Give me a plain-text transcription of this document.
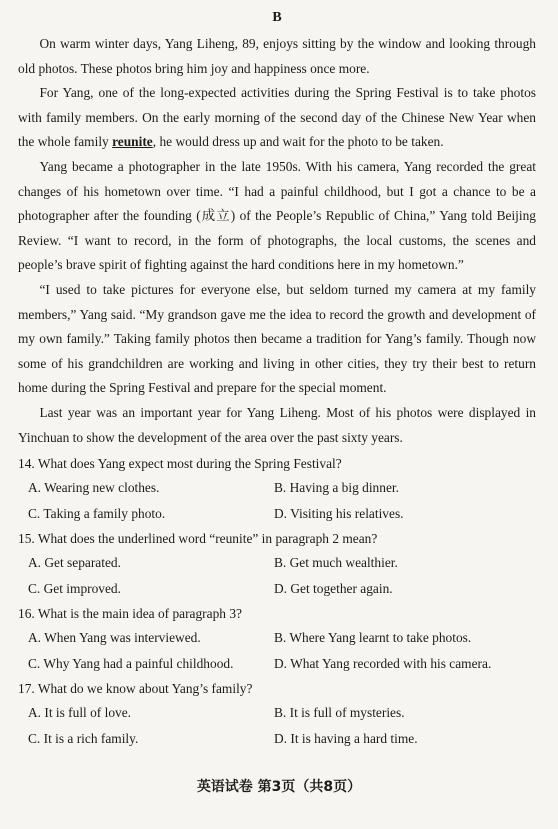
B

On warm winter days, Yang Liheng, 89, enjoys sitting by the window and looking through old photos. These photos bring him joy and happiness once more.

For Yang, one of the long-expected activities during the Spring Festival is to take photos with family members. On the early morning of the second day of the Chinese New Year when the whole family reunite, he would dress up and wait for the photo to be taken.

Yang became a photographer in the late 1950s. With his camera, Yang recorded the great changes of his hometown over time. “I had a painful childhood, but I got a chance to be a photographer after the founding (成立) of the People’s Republic of China,” Yang told Beijing Review. “I want to record, in the form of photographs, the local customs, the scenes and people’s brave spirit of fighting against the hard conditions here in my hometown.”

“I used to take pictures for everyone else, but seldom turned my camera at my family members,” Yang said. “My grandson gave me the idea to record the growth and development of my own family.” Taking family photos then became a tradition for Yang’s family. Though now some of his grandchildren are working and living in other cities, they try their best to return home during the Spring Festival and prepare for the special moment.

Last year was an important year for Yang Liheng. Most of his photos were displayed in Yinchuan to show the development of the area over the past sixty years.

14. What does Yang expect most during the Spring Festival?
A. Wearing new clothes.	B. Having a big dinner.
C. Taking a family photo.	D. Visiting his relatives.
15. What does the underlined word “reunite” in paragraph 2 mean?
A. Get separated.	B. Get much wealthier.
C. Get improved.	D. Get together again.
16. What is the main idea of paragraph 3?
A. When Yang was interviewed.	B. Where Yang learnt to take photos.
C. Why Yang had a painful childhood.	D. What Yang recorded with his camera.
17. What do we know about Yang’s family?
A. It is full of love.	B. It is full of mysteries.
C. It is a rich family.	D. It is having a hard time.
英语试卷 第3页（共8页）
